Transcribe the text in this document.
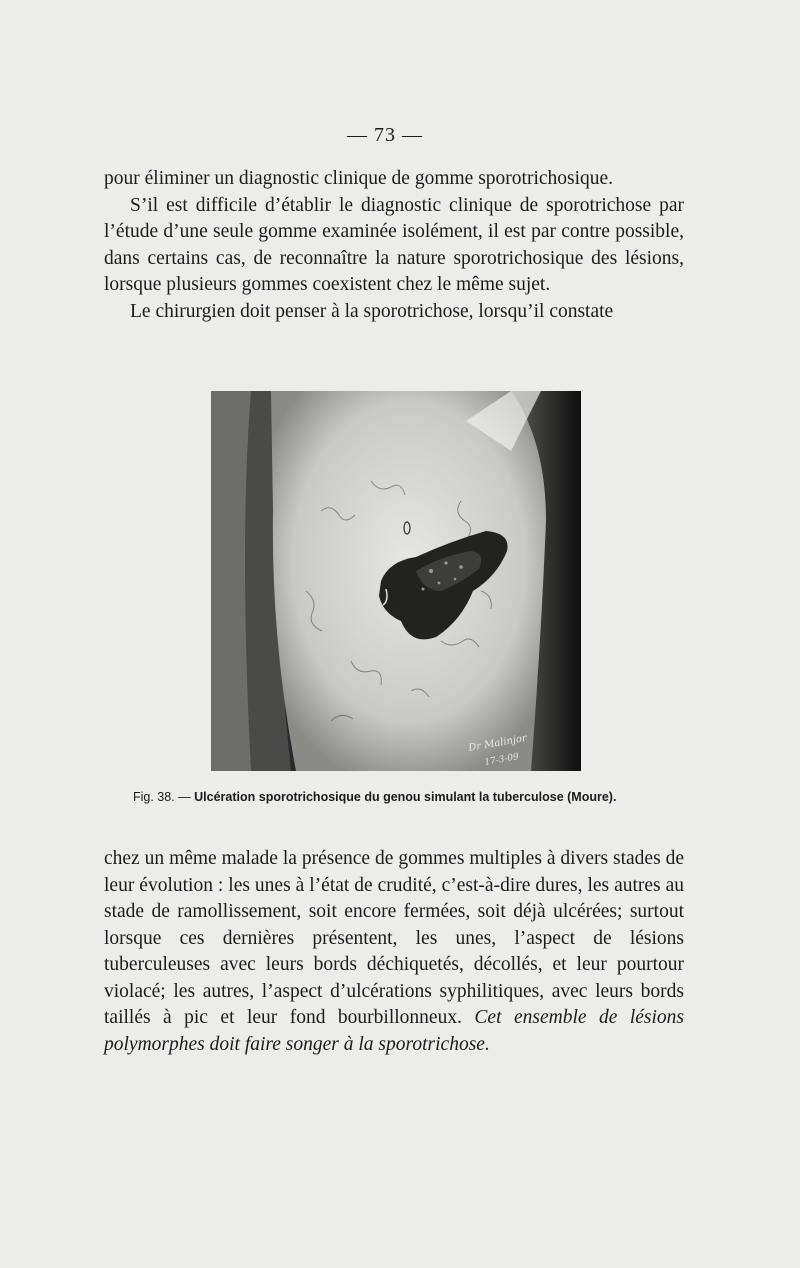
— 73 —

pour éliminer un diagnostic clinique de gomme sporotrichosique.

S’il est difficile d’établir le diagnostic clinique de sporotrichose par l’étude d’une seule gomme examinée isolément, il est par contre possible, dans certains cas, de reconnaître la nature sporotrichosique des lésions, lorsque plusieurs gommes coexistent chez le même sujet.

Le chirurgien doit penser à la sporotrichose, lorsqu’il constate

Dr Malinjor
17-3-09
Fig. 38. — Ulcération sporotrichosique du genou simulant la tuberculose (Moure).

chez un même malade la présence de gommes multiples à divers stades de leur évolution : les unes à l’état de crudité, c’est-à-dire dures, les autres au stade de ramollissement, soit encore fermées, soit déjà ulcérées; surtout lorsque ces dernières présentent, les unes, l’aspect de lésions tuberculeuses avec leurs bords déchiquetés, décollés, et leur pourtour violacé; les autres, l’aspect d’ulcérations syphilitiques, avec leurs bords taillés à pic et leur fond bourbillonneux. Cet ensemble de lésions polymorphes doit faire songer à la sporotrichose.
